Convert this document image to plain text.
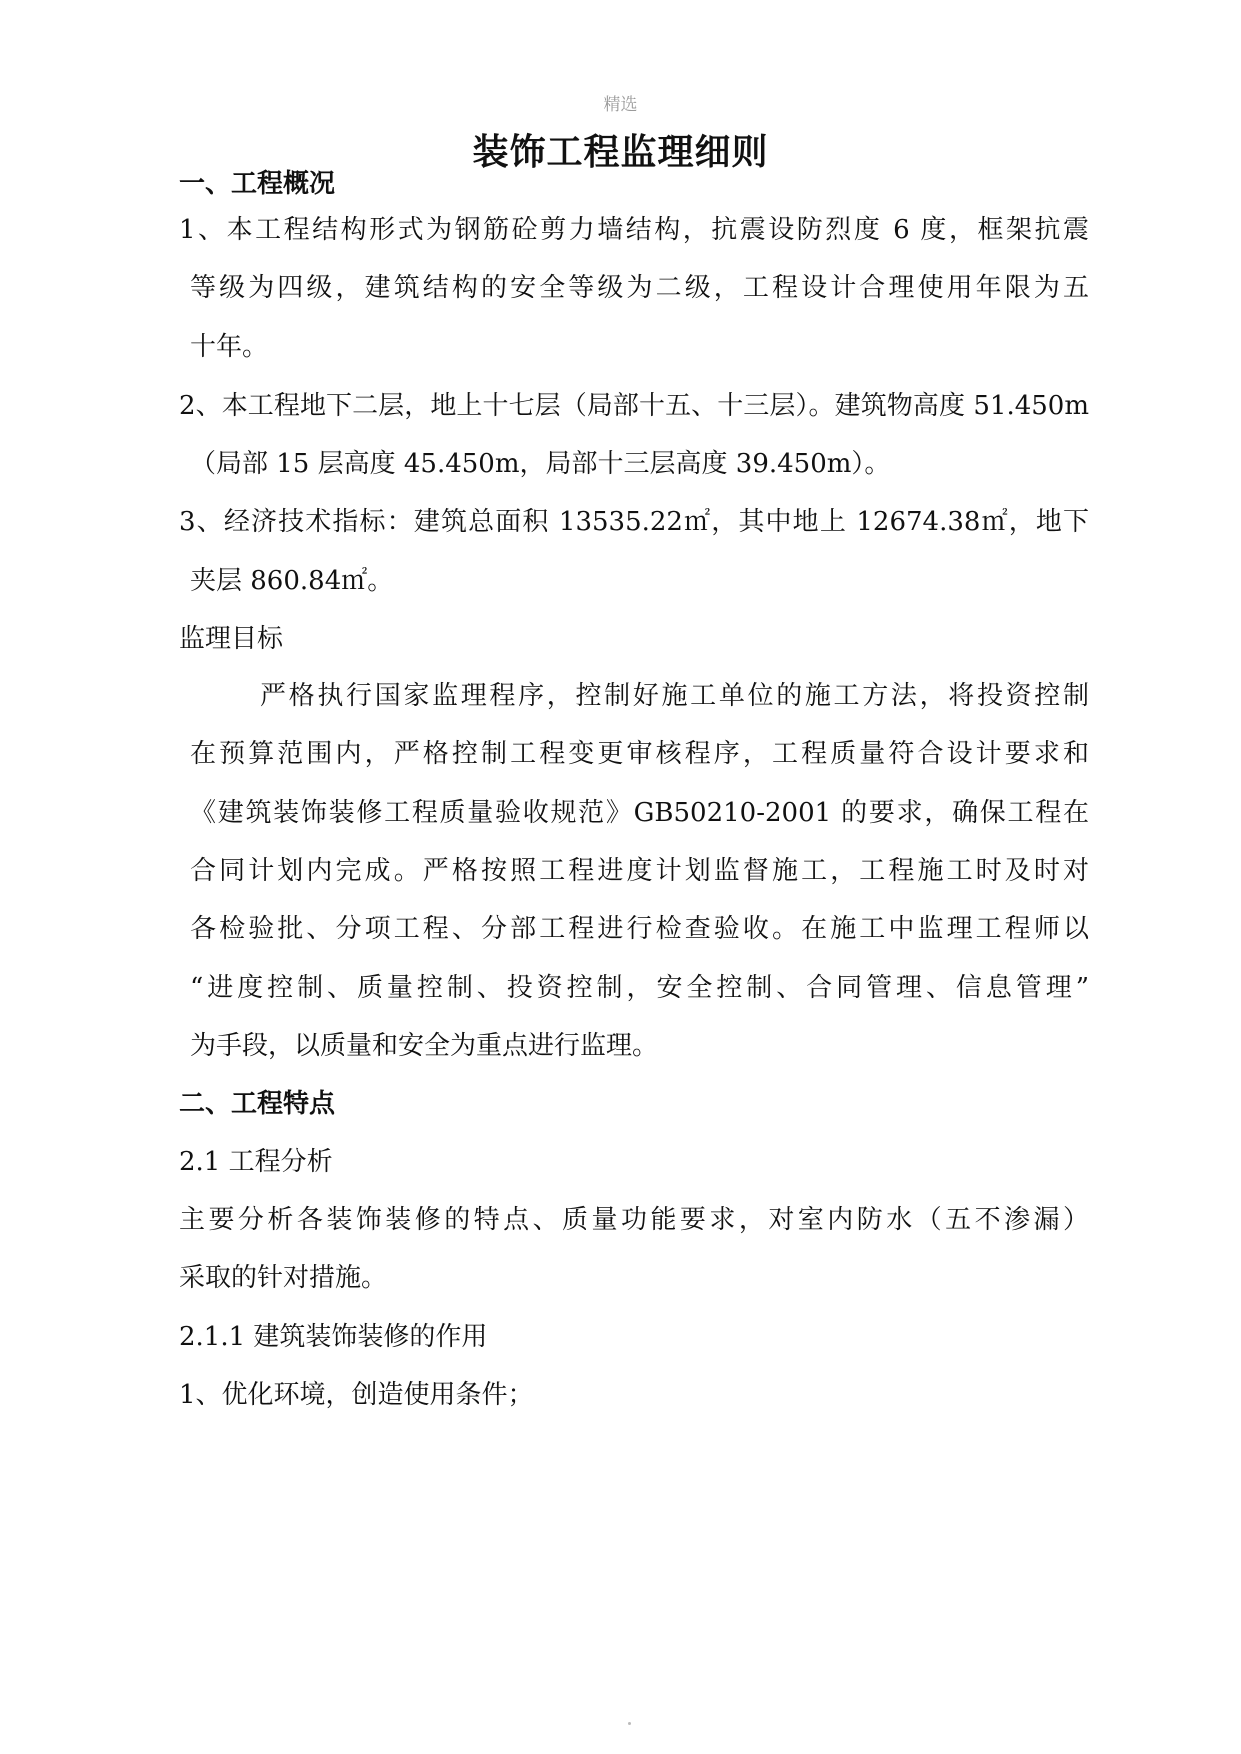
精选
装饰工程监理细则
一、工程概况
1、本工程结构形式为钢筋砼剪力墙结构，抗震设防烈度 6 度，框架抗震
等级为四级，建筑结构的安全等级为二级，工程设计合理使用年限为五
十年。
2、本工程地下二层，地上十七层（局部十五、十三层）。建筑物高度 51.450m
（局部 15 层高度 45.450m，局部十三层高度 39.450m）。
3、经济技术指标：建筑总面积 13535.22㎡，其中地上 12674.38㎡，地下
夹层 860.84㎡。
监理目标
严格执行国家监理程序，控制好施工单位的施工方法，将投资控制
在预算范围内，严格控制工程变更审核程序，工程质量符合设计要求和
《建筑装饰装修工程质量验收规范》GB50210-2001 的要求，确保工程在
合同计划内完成。严格按照工程进度计划监督施工，工程施工时及时对
各检验批、分项工程、分部工程进行检查验收。在施工中监理工程师以
“进度控制、质量控制、投资控制，安全控制、合同管理、信息管理”
为手段，以质量和安全为重点进行监理。
二、工程特点
2.1 工程分析
主要分析各装饰装修的特点、质量功能要求，对室内防水（五不渗漏）
采取的针对措施。
2.1.1 建筑装饰装修的作用
1、优化环境，创造使用条件；
